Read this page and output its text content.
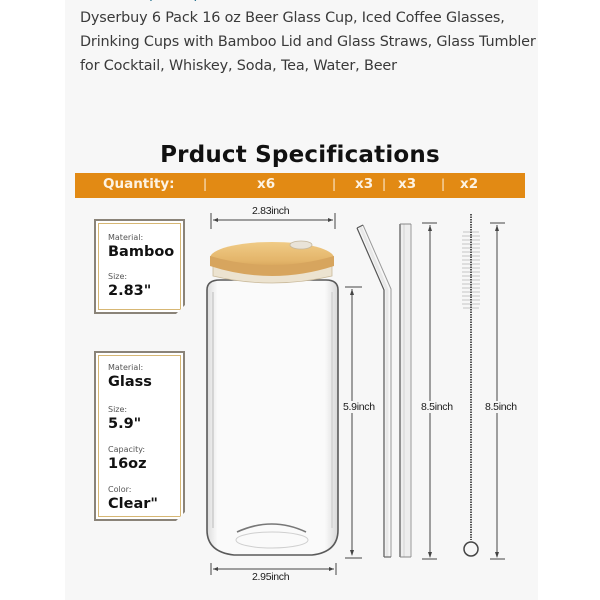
Dyserbuy 6 Pack 16 oz Beer Glass Cup, Iced Coffee Glasses, Drinking Cups with Bamboo Lid and Glass Straws, Glass Tumbler for Cocktail, Whiskey, Soda, Tea, Water, Beer
Prduct Specifications
Quantity: |	x6	| x3 | x3 | x2
Material:
Bamboo
Size:
2.83"
Material:
Glass
Size:
5.9"
Capacity:
16oz
Color:
Clear"
2.83inch
2.95inch
5.9inch	8.5inch	8.5inch
